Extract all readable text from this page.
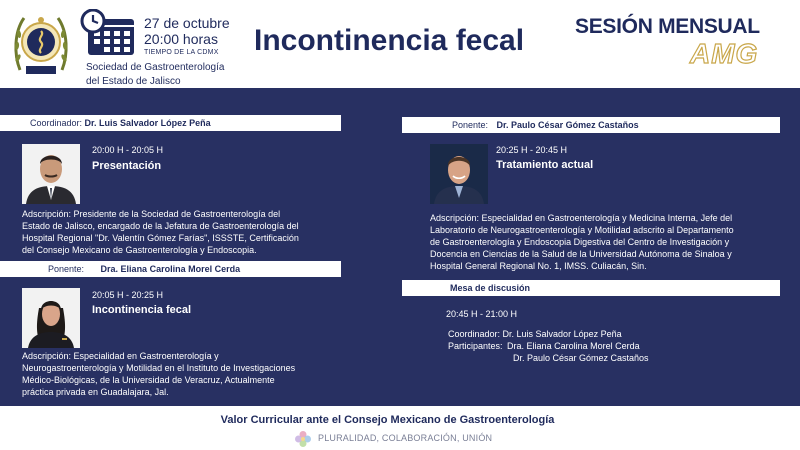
27 de octubre
20:00 horas
TIEMPO DE LA CDMX
Sociedad de Gastroenterología
del Estado de Jalisco
Incontinencia fecal SESIÓN MENSUAL
AMG
Coordinador: Dr. Luis Salvador López Peña
20:00 H - 20:05 H
Presentación
Adscripción: Presidente de la Sociedad de Gastroenterología del
Estado de Jalisco, encargado de la Jefatura de Gastroenterología del
Hospital Regional "Dr. Valentín Gómez Farías", ISSSTE, Certificación
del Consejo Mexicano de Gastroenterología y Endoscopia.
Ponente: Dra. Eliana Carolina Morel Cerda
20:05 H - 20:25 H
Incontinencia fecal
Adscripción: Especialidad en Gastroenterología y
Neurogastroenterología y Motilidad en el Instituto de Investigaciones
Médico-Biológicas, de la Universidad de Veracruz, Actualmente
práctica privada en Guadalajara, Jal.
Ponente: Dr. Paulo César Gómez Castaños
20:25 H - 20:45 H
Tratamiento actual
Adscripción: Especialidad en Gastroenterología y Medicina Interna, Jefe del
Laboratorio de Neurogastroenterología y Motilidad adscrito al Departamento
de Gastroenterología y Endoscopia Digestiva del Centro de Investigación y
Docencia en Ciencias de la Salud de la Universidad Autónoma de Sinaloa y
Hospital General Regional No. 1, IMSS. Culiacán, Sin.
Mesa de discusión
20:45 H - 21:00 H
Coordinador: Dr. Luis Salvador López Peña
Participantes: Dra. Eliana Carolina Morel Cerda
Dr. Paulo César Gómez Castaños
Valor Curricular ante el Consejo Mexicano de Gastroenterología
PLURALIDAD, COLABORACIÓN, UNIÓN
